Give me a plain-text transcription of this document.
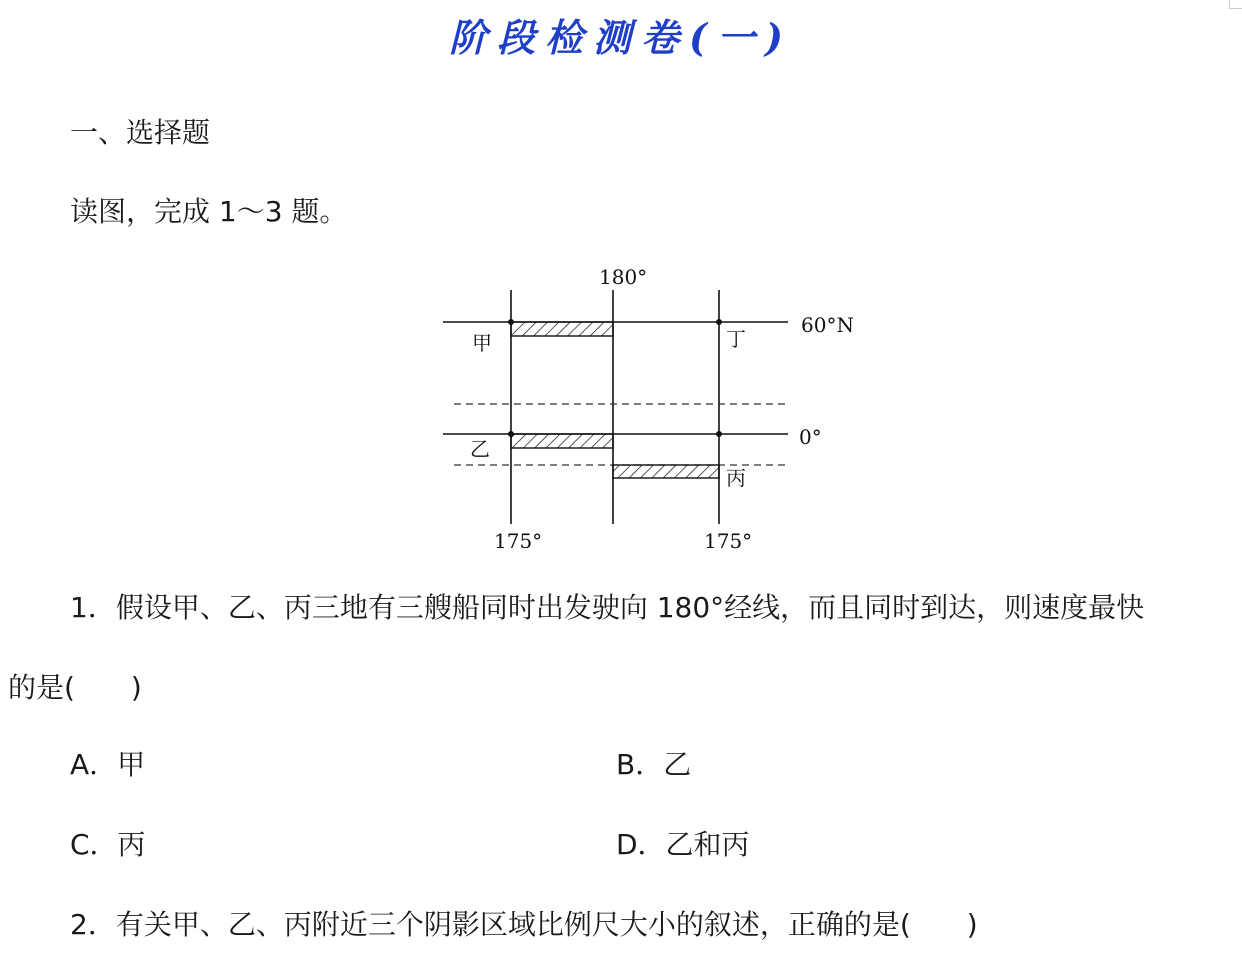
阶段检测卷(一)
一、选择题
读图，完成 1～3 题。
180°
60°N
0°
175°	175°
甲
乙
丙
丁
1．假设甲、乙、丙三地有三艘船同时出发驶向 180°经线，而且同时到达，则速度最快
的是(　　)
A．甲	B．乙
C．丙	D．乙和丙
2．有关甲、乙、丙附近三个阴影区域比例尺大小的叙述，正确的是(　　)
